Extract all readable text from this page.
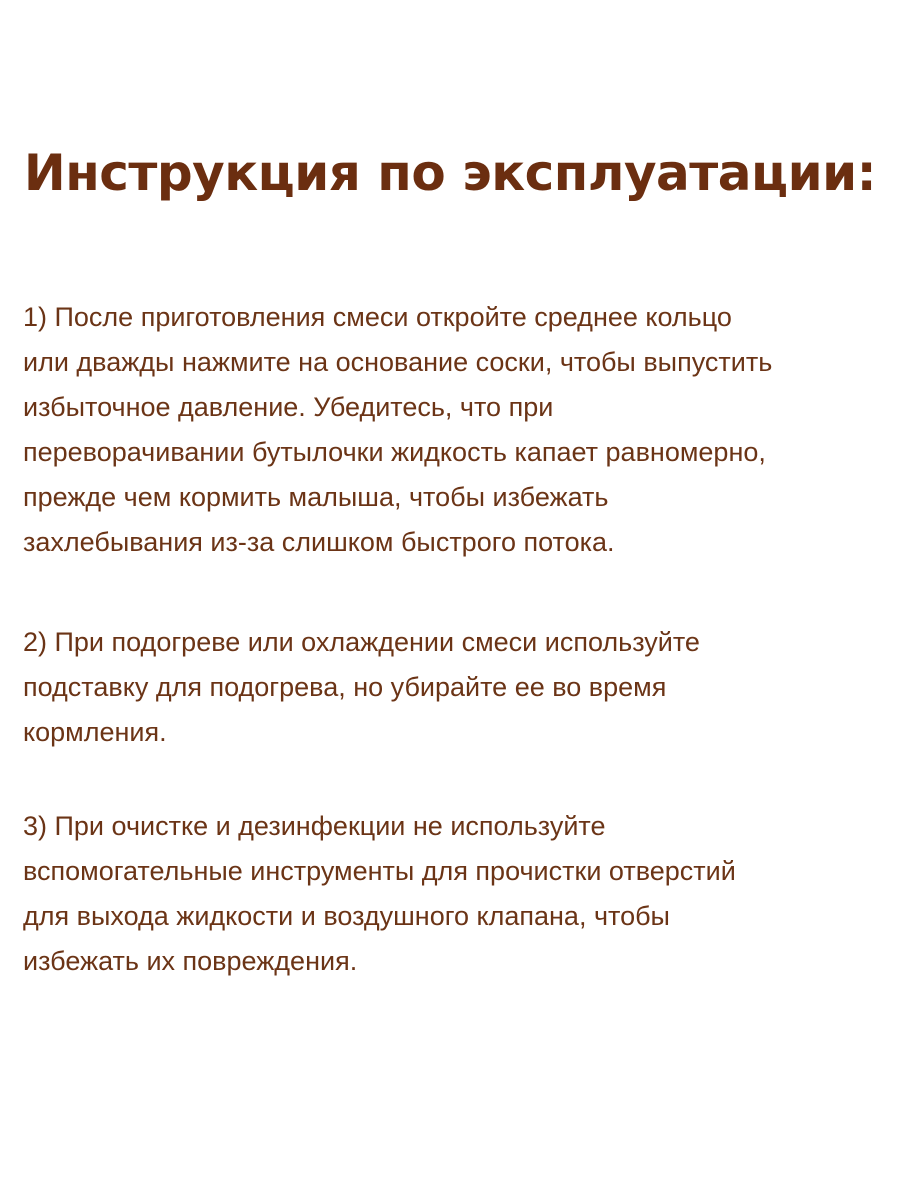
Инструкция по эксплуатации:

1) После приготовления смеси откройте среднее кольцо
или дважды нажмите на основание соски, чтобы выпустить
избыточное давление. Убедитесь, что при
переворачивании бутылочки жидкость капает равномерно,
прежде чем кормить малыша, чтобы избежать
захлебывания из-за слишком быстрого потока.

2) При подогреве или охлаждении смеси используйте
подставку для подогрева, но убирайте ее во время
кормления.

3) При очистке и дезинфекции не используйте
вспомогательные инструменты для прочистки отверстий
для выхода жидкости и воздушного клапана, чтобы
избежать их повреждения.
